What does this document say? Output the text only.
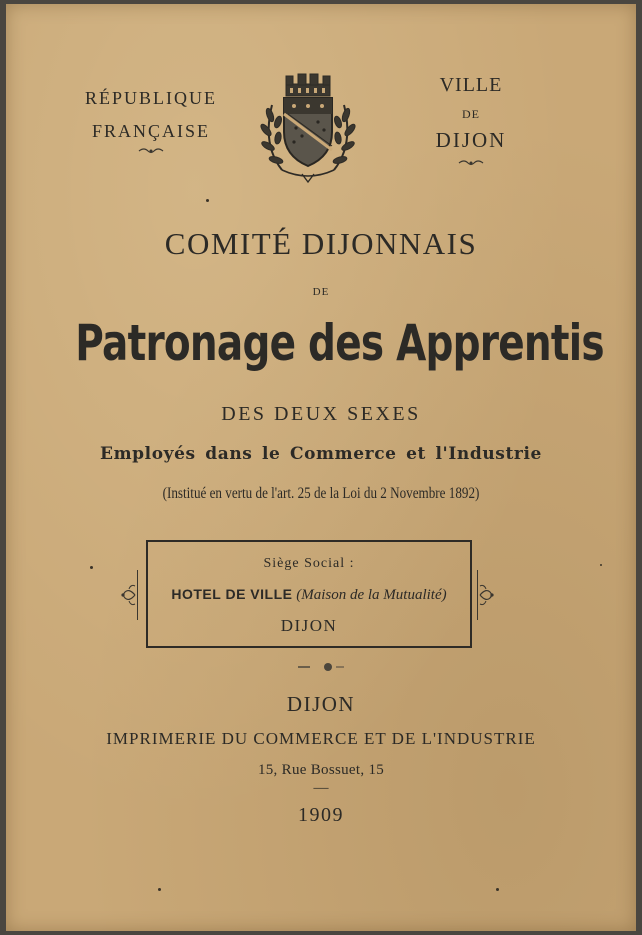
RÉPUBLIQUE
FRANÇAISE
VILLE
DE
DIJON
COMITÉ DIJONNAIS
DE
Patronage des Apprentis
DES DEUX SEXES
Employés dans le Commerce et l'Industrie
(Institué en vertu de l'art. 25 de la Loi du 2 Novembre 1892)
Siège Social :
HOTEL DE VILLE (Maison de la Mutualité)
DIJON
DIJON
IMPRIMERIE DU COMMERCE ET DE L'INDUSTRIE
15, Rue Bossuet, 15
—
1909
